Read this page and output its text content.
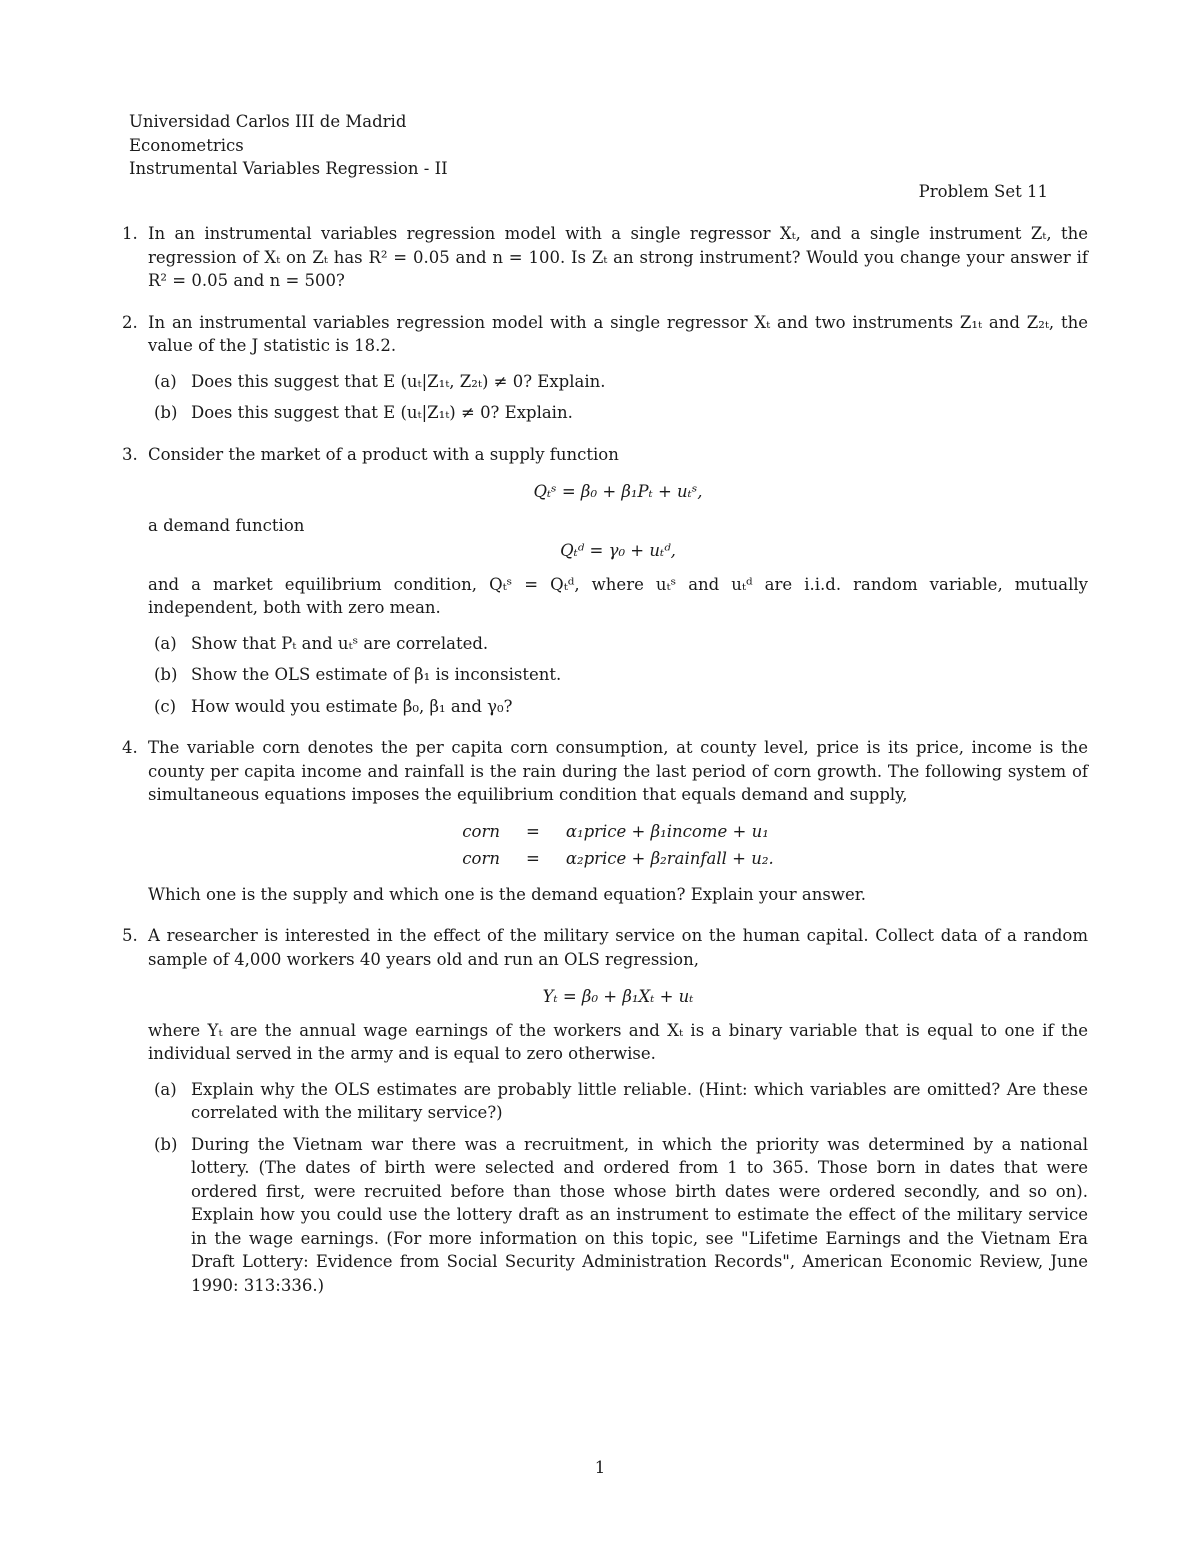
Universidad Carlos III de Madrid
Econometrics
Instrumental Variables Regression - II
Problem Set 11
1. In an instrumental variables regression model with a single regressor Xₜ, and a single instrument Zₜ, the regression of Xₜ on Zₜ has R² = 0.05 and n = 100. Is Zₜ an strong instrument? Would you change your answer if R² = 0.05 and n = 500?

2. In an instrumental variables regression model with a single regressor Xₜ and two instruments Z₁ₜ and Z₂ₜ, the value of the J statistic is 18.2.

(a) Does this suggest that E (uₜ|Z₁ₜ, Z₂ₜ) ≠ 0? Explain.
(b) Does this suggest that E (uₜ|Z₁ₜ) ≠ 0? Explain.
3. Consider the market of a product with a supply function

Qₜˢ = β₀ + β₁Pₜ + uₜˢ,

a demand function

Qₜᵈ = γ₀ + uₜᵈ,

and a market equilibrium condition, Qₜˢ = Qₜᵈ, where uₜˢ and uₜᵈ are i.i.d. random variable, mutually independent, both with zero mean.

(a) Show that Pₜ and uₜˢ are correlated.
(b) Show the OLS estimate of β₁ is inconsistent.
(c) How would you estimate β₀, β₁ and γ₀?
4. The variable corn denotes the per capita corn consumption, at county level, price is its price, income is the county per capita income and rainfall is the rain during the last period of corn growth. The following system of simultaneous equations imposes the equilibrium condition that equals demand and supply,

corn	=	α₁price + β₁income + u₁
corn	=	α₂price + β₂rainfall + u₂.

Which one is the supply and which one is the demand equation? Explain your answer.

5. A researcher is interested in the effect of the military service on the human capital. Collect data of a random sample of 4,000 workers 40 years old and run an OLS regression,

Yₜ = β₀ + β₁Xₜ + uₜ

where Yₜ are the annual wage earnings of the workers and Xₜ is a binary variable that is equal to one if the individual served in the army and is equal to zero otherwise.

(a) Explain why the OLS estimates are probably little reliable. (Hint: which variables are omitted? Are these correlated with the military service?)
(b) During the Vietnam war there was a recruitment, in which the priority was determined by a national lottery. (The dates of birth were selected and ordered from 1 to 365. Those born in dates that were ordered first, were recruited before than those whose birth dates were ordered secondly, and so on). Explain how you could use the lottery draft as an instrument to estimate the effect of the military service in the wage earnings. (For more information on this topic, see "Lifetime Earnings and the Vietnam Era Draft Lottery: Evidence from Social Security Administration Records", American Economic Review, June 1990: 313:336.)
1
